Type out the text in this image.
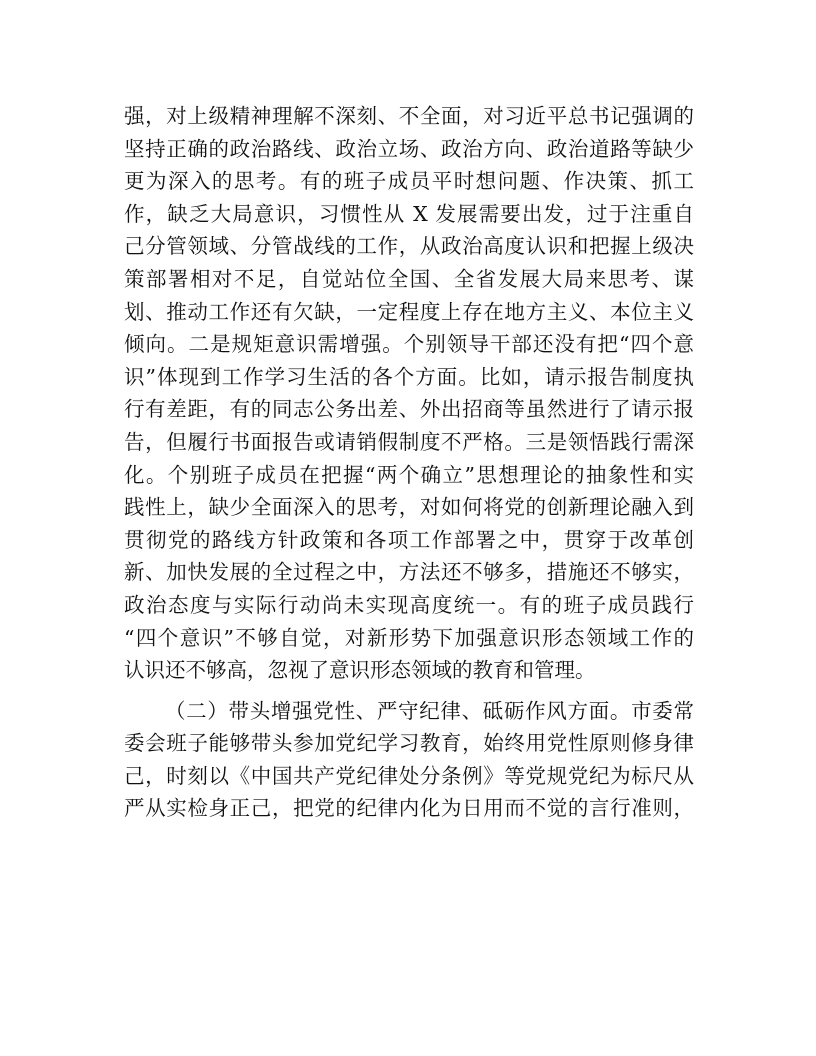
强，对上级精神理解不深刻、不全面，对习近平总书记强调的
坚持正确的政治路线、政治立场、政治方向、政治道路等缺少
更为深入的思考。有的班子成员平时想问题、作决策、抓工
作，缺乏大局意识，习惯性从 X 发展需要出发，过于注重自
己分管领域、分管战线的工作，从政治高度认识和把握上级决
策部署相对不足，自觉站位全国、全省发展大局来思考、谋
划、推动工作还有欠缺，一定程度上存在地方主义、本位主义
倾向。二是规矩意识需增强。个别领导干部还没有把“四个意
识”体现到工作学习生活的各个方面。比如，请示报告制度执
行有差距，有的同志公务出差、外出招商等虽然进行了请示报
告，但履行书面报告或请销假制度不严格。三是领悟践行需深
化。个别班子成员在把握“两个确立”思想理论的抽象性和实
践性上，缺少全面深入的思考，对如何将党的创新理论融入到
贯彻党的路线方针政策和各项工作部署之中，贯穿于改革创
新、加快发展的全过程之中，方法还不够多，措施还不够实，
政治态度与实际行动尚未实现高度统一。有的班子成员践行
“四个意识”不够自觉，对新形势下加强意识形态领域工作的
认识还不够高，忽视了意识形态领域的教育和管理。
（二）带头增强党性、严守纪律、砥砺作风方面。市委常
委会班子能够带头参加党纪学习教育，始终用党性原则修身律
己，时刻以《中国共产党纪律处分条例》等党规党纪为标尺从
严从实检身正己，把党的纪律内化为日用而不觉的言行准则，
